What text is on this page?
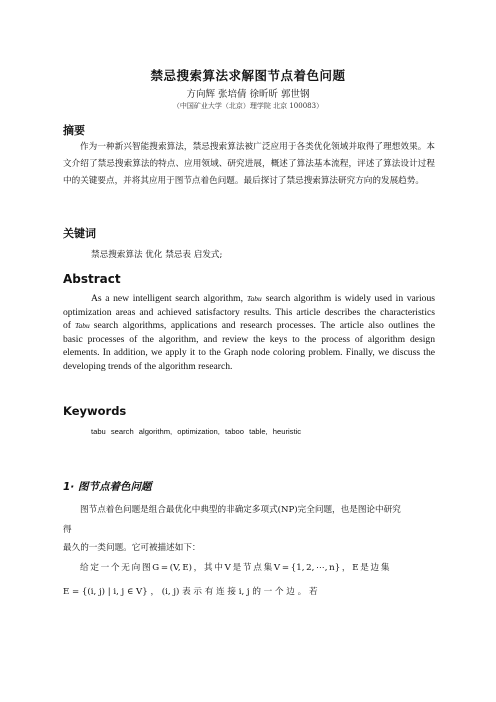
禁忌搜索算法求解图节点着色问题
方向辉 张培倩 徐昕昕 郭世钢
（中国矿业大学（北京）理学院 北京 100083）
摘要
作为一种新兴智能搜索算法，禁忌搜索算法被广泛应用于各类优化领域并取得了理想效果。本文介绍了禁忌搜索算法的特点、应用领域、研究进展，概述了算法基本流程，评述了算法设计过程中的关键要点，并将其应用于图节点着色问题。最后探讨了禁忌搜索算法研究方向的发展趋势。
关键词
禁忌搜索算法 优化 禁忌表 启发式;
Abstract
As a new intelligent search algorithm, Tabu search algorithm is widely used in various optimization areas and achieved satisfactory results. This article describes the characteristics of Tabu search algorithms, applications and research processes. The article also outlines the basic processes of the algorithm, and review the keys to the process of algorithm design elements. In addition, we apply it to the Graph node coloring problem. Finally, we discuss the developing trends of the algorithm research.
Keywords
tabu search algorithm, optimization, taboo table, heuristic
1· 图节点着色问题
图节点着色问题是组合最优化中典型的非确定多项式(NP)完全问题，也是图论中研究
得
最久的一类问题。它可被描述如下：
给 定 一 个 无 向 图 G = (V, E) ， 其 中 V 是 节 点 集 V = {1, 2, ⋯, n} ， E 是 边 集
E = {(i, j) | i, j ∈ V} ， (i, j) 表 示 有 连 接 i, j 的 一 个 边 。 若
